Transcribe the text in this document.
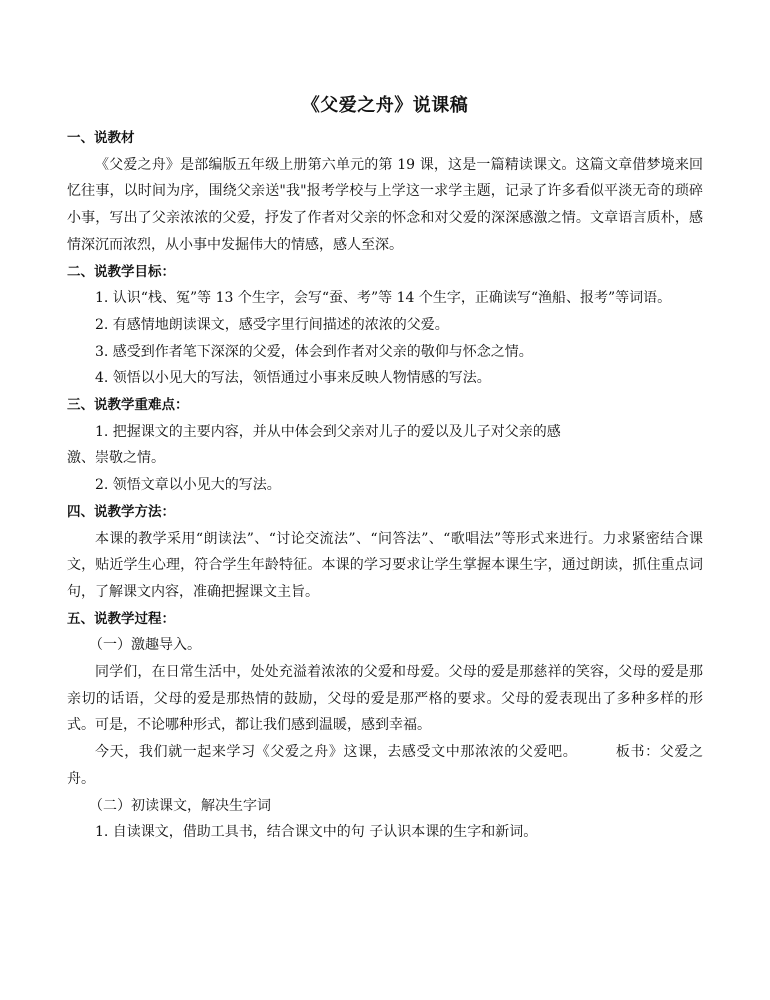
《父爱之舟》说课稿

一、说教材

《父爱之舟》是部编版五年级上册第六单元的第 19 课，这是一篇精读课文。这篇文章借梦境来回忆往事，以时间为序，围绕父亲送"我"报考学校与上学这一求学主题，记录了许多看似平淡无奇的琐碎小事，写出了父亲浓浓的父爱，抒发了作者对父亲的怀念和对父爱的深深感激之情。文章语言质朴，感情深沉而浓烈，从小事中发掘伟大的情感，感人至深。

二、说教学目标：

1. 认识“栈、冤”等 13 个生字，会写“蚕、考”等 14 个生字，正确读写“渔船、报考”等词语。

2. 有感情地朗读课文，感受字里行间描述的浓浓的父爱。

3. 感受到作者笔下深深的父爱，体会到作者对父亲的敬仰与怀念之情。

4. 领悟以小见大的写法，领悟通过小事来反映人物情感的写法。

三、说教学重难点：

1. 把握课文的主要内容，并从中体会到父亲对儿子的爱以及儿子对父亲的感

激、崇敬之情。

2. 领悟文章以小见大的写法。

四、说教学方法：

本课的教学采用“朗读法”、“讨论交流法”、“问答法”、“歌唱法”等形式来进行。力求紧密结合课文，贴近学生心理，符合学生年龄特征。本课的学习要求让学生掌握本课生字，通过朗读，抓住重点词句，了解课文内容，准确把握课文主旨。

五、说教学过程：

（一）激趣导入。

同学们，在日常生活中，处处充溢着浓浓的父爱和母爱。父母的爱是那慈祥的笑容，父母的爱是那亲切的话语，父母的爱是那热情的鼓励，父母的爱是那严格的要求。父母的爱表现出了多种多样的形式。可是，不论哪种形式，都让我们感到温暖，感到幸福。

今天，我们就一起来学习《父爱之舟》这课，去感受文中那浓浓的父爱吧。	板书：父爱之舟。

（二）初读课文，解决生字词

1. 自读课文，借助工具书，结合课文中的句 子认识本课的生字和新词。
